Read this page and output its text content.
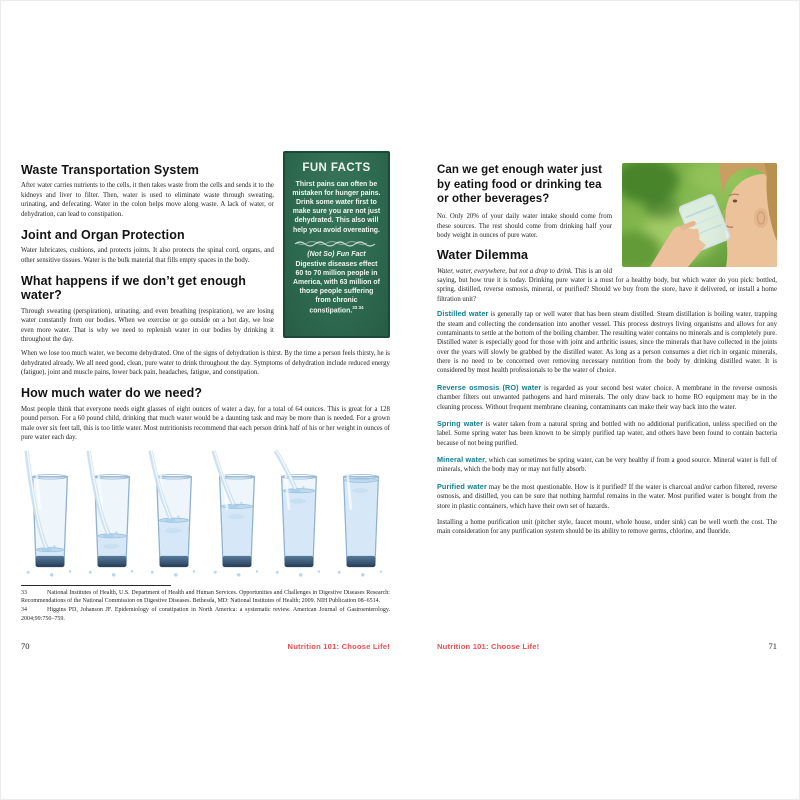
FUN FACTS
Thirst pains can often be mistaken for hunger pains. Drink some water first to make sure you are not just dehydrated. This also will help you avoid overeating.
(Not So) Fun Fact
Digestive diseases effect 60 to 70 million people in America, with 63 million of those people suffering from chronic constipation.$^{33 34}$
Waste Transportation System

After water carries nutrients to the cells, it then takes waste from the cells and sends it to the kidneys and liver to filter. Then, water is used to eliminate waste through sweating, urinating, and defecating. Water in the colon helps move along waste. A lack of water, or dehydration, can lead to constipation.

Joint and Organ Protection

Water lubricates, cushions, and protects joints. It also protects the spinal cord, organs, and other sensitive tissues. Water is the bulk material that fills empty spaces in the body.

What happens if we don’t get enough water?

Through sweating (perspiration), urinating, and even breathing (respiration), we are losing water constantly from our bodies. When we exercise or go outside on a hot day, we lose even more water. That is why we need to replenish water in our bodies by drinking it throughout the day.

When we lose too much water, we become dehydrated. One of the signs of dehydration is thirst. By the time a person feels thirsty, he is dehydrated already. We all need good, clean, pure water to drink throughout the day. Symptoms of dehydration include reduced energy (fatigue), joint and muscle pains, lower back pain, headaches, fatigue, and constipation.

How much water do we need?

Most people think that everyone needs eight glasses of eight ounces of water a day, for a total of 64 ounces. This is great for a 128 pound person. For a 60 pound child, drinking that much water would be a daunting task and may be more than is needed. For a grown male over six feet tall, this is too little water. Most nutritionists recommend that each person drink half of his or her weight in ounces of pure water each day.

33	National Institutes of Health, U.S. Department of Health and Human Services. Opportunities and Challenges in Digestive Diseases Research: Recommendations of the National Commission on Digestive Diseases. Bethesda, MD: National Institutes of Health; 2009. NIH Publication 08–6514.

34	Higgins PD, Johanson JF. Epidemiology of constipation in North America: a systematic review. American Journal of Gastroenterology. 2004;99:750–759.

70	Nutrition 101: Choose Life!
Can we get enough water just by eating food or drinking tea or other beverages?

No. Only 20% of your daily water intake should come from these sources. The rest should come from drinking half your body weight in ounces of pure water.

Water Dilemma

Water, water, everywhere, but not a drop to drink. This is an old saying, but how true it is today. Drinking pure water is a must for a healthy body, but which water do you pick: bottled, spring, distilled, reverse osmosis, mineral, or purified? Should we buy from the store, have it delivered, or install a home filtration unit?

Distilled water is generally tap or well water that has been steam distilled. Steam distillation is boiling water, trapping the steam and collecting the condensation into another vessel. This process destroys living organisms and allows for any contaminants to settle at the bottom of the boiling chamber. The resulting water contains no minerals and is completely pure. Distilled water is especially good for those with joint and arthritic issues, since the minerals that have collected in the joints over the years will slowly be grabbed by the distilled water. As long as a person consumes a diet rich in organic minerals, there is no need to be concerned over removing necessary nutrition from the body by drinking distilled water. It is considered by most health professionals to be the water of choice.

Reverse osmosis (RO) water is regarded as your second best water choice. A membrane in the reverse osmosis chamber filters out unwanted pathogens and hard minerals. The only draw back to home RO equipment may be in the cleaning process. Without frequent membrane cleaning, contaminants can make their way back into the water.

Spring water is water taken from a natural spring and bottled with no additional purification, unless specified on the label. Some spring water has been known to be simply purified tap water, and others have been found to contain bacteria because of not being purified.

Mineral water, which can sometimes be spring water, can be very healthy if from a good source. Mineral water is full of minerals, which the body may or may not fully absorb.

Purified water may be the most questionable. How is it purified? If the water is charcoal and/or carbon filtered, reverse osmosis, and distilled, you can be sure that nothing harmful remains in the water. Most purified water is bought from the store in plastic containers, which have their own set of hazards.

Installing a home purification unit (pitcher style, faucet mount, whole house, under sink) can be well worth the cost. The main consideration for any purification system should be its ability to remove germs, chlorine, and fluoride.

Nutrition 101: Choose Life!	71
